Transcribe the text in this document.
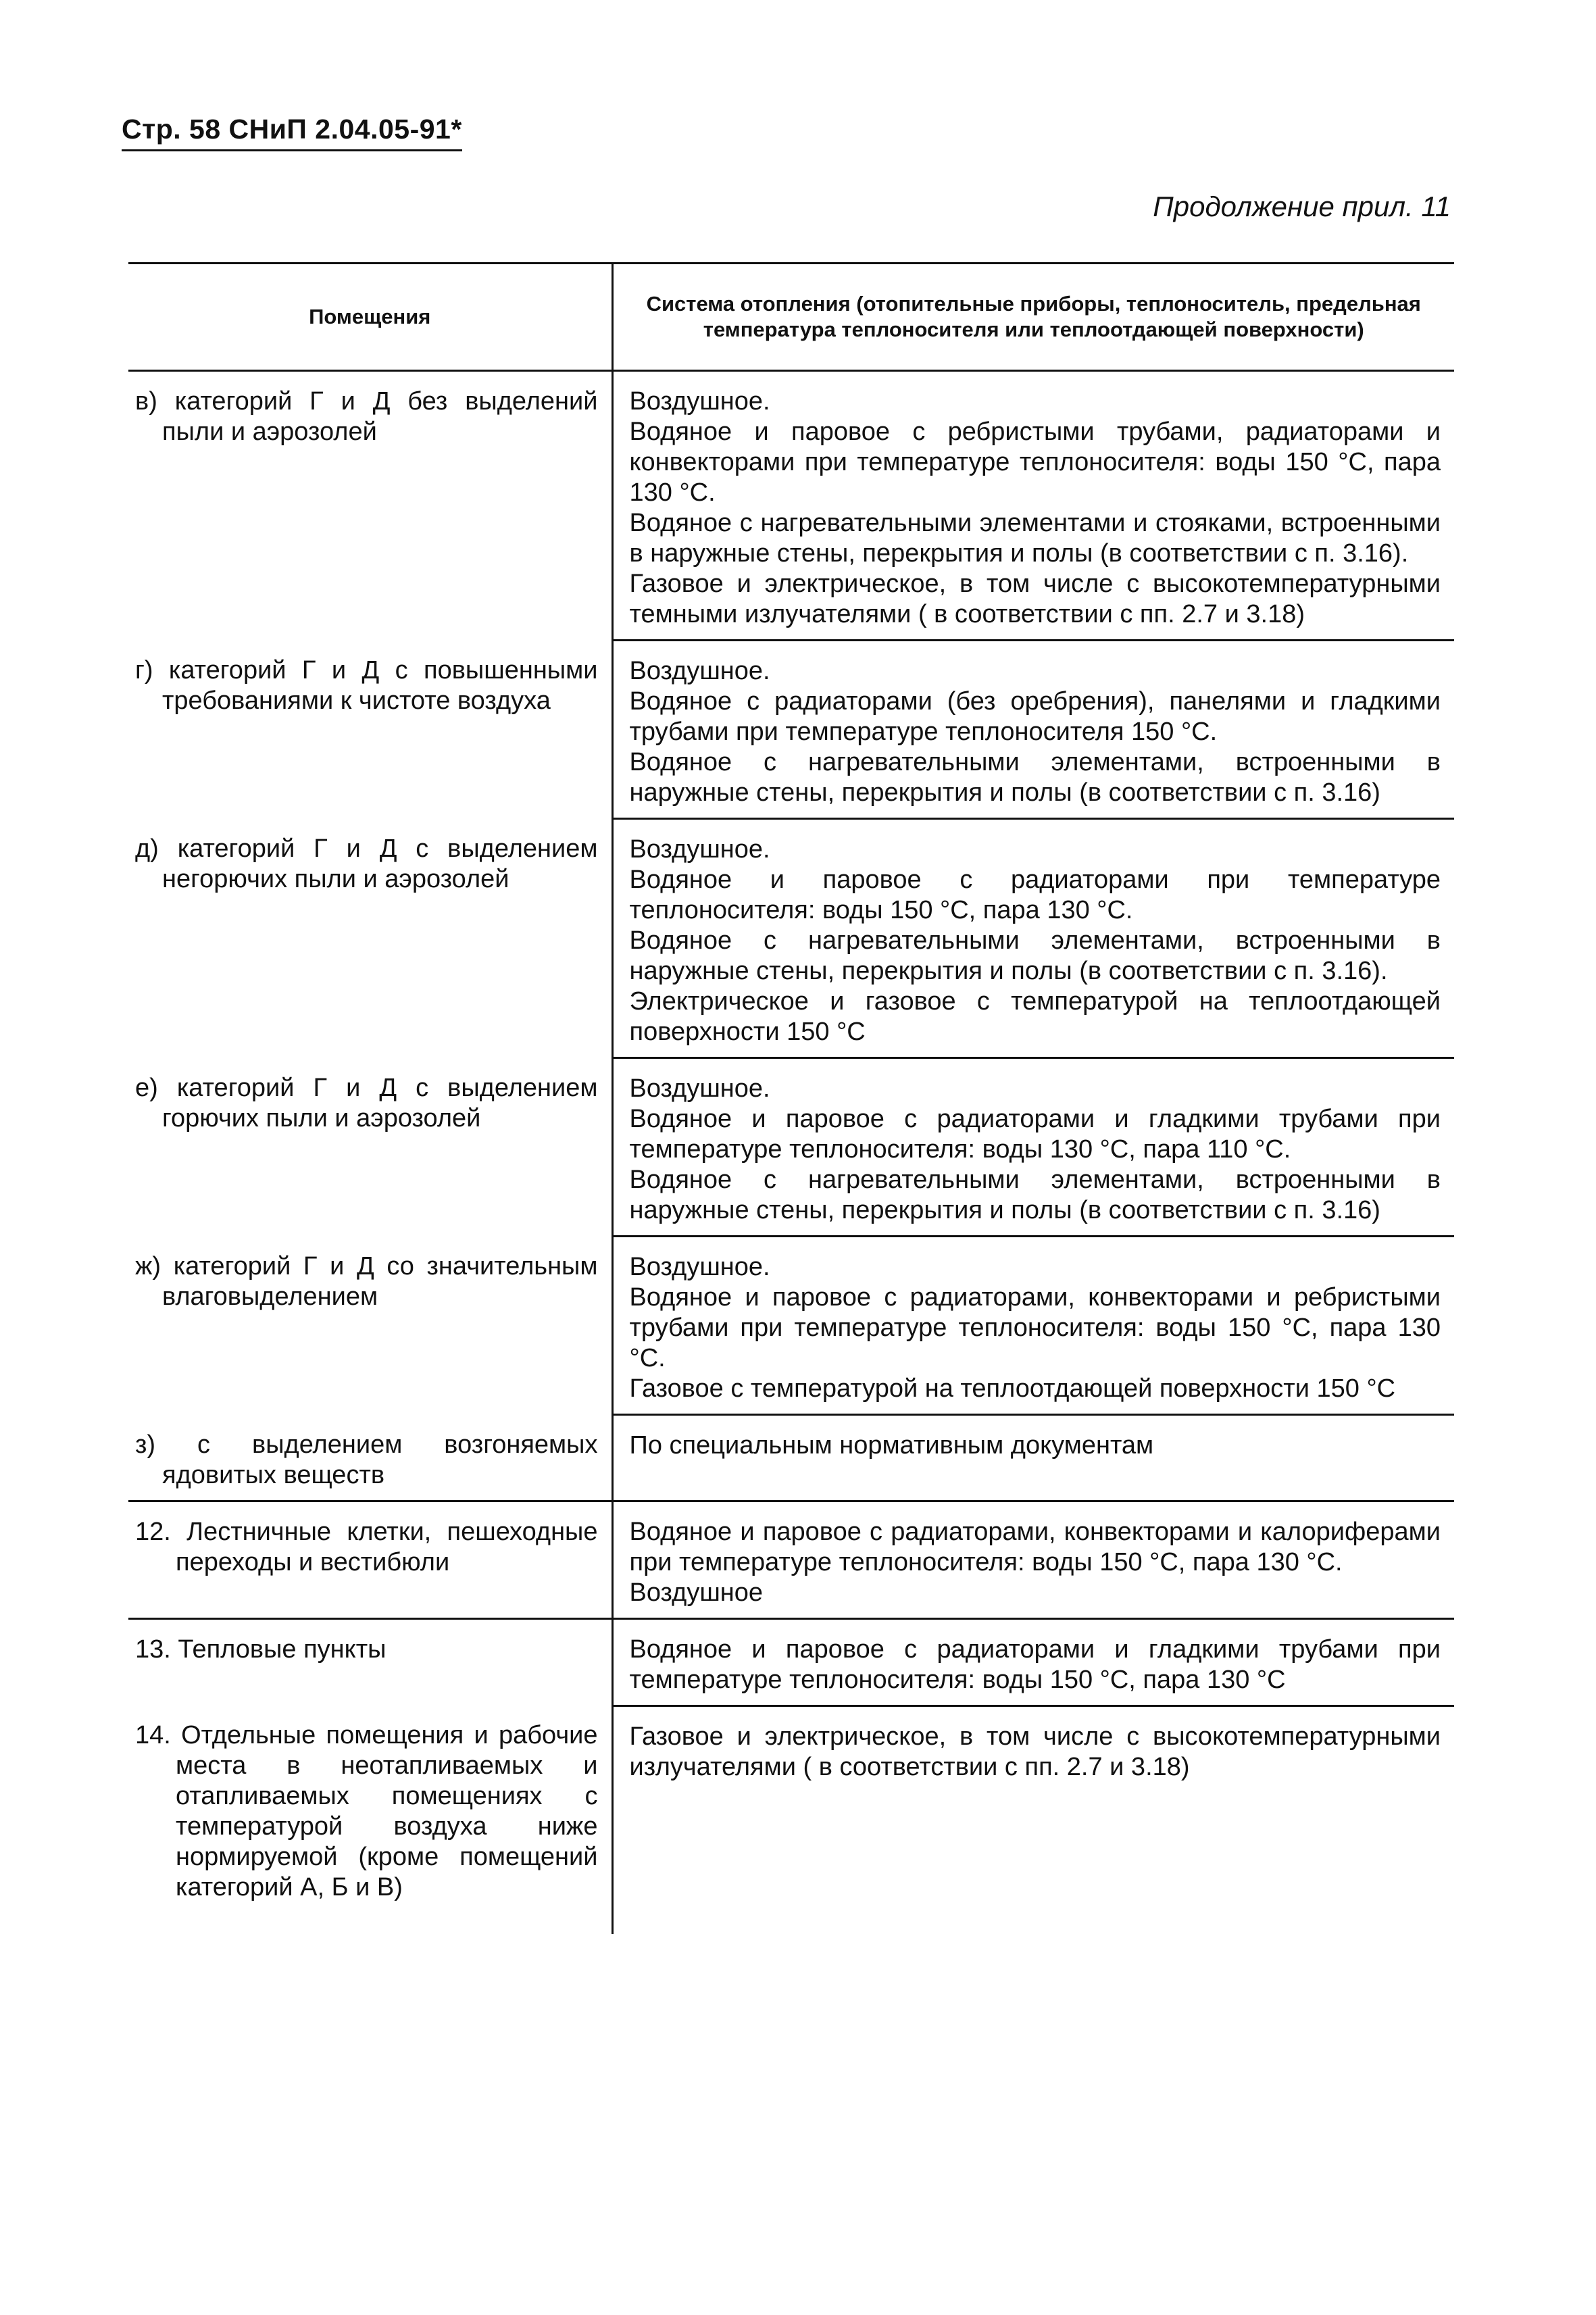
Стр. 58 СНиП 2.04.05-91*
Продолжение прил. 11
Помещения	Система отопления (отопительные приборы, теплоноситель, предельная температура теплоносителя или теплоотдающей поверхности)
в) категорий Г и Д без выделений пыли и аэрозолей	Воздушное.
Водяное и паровое с ребристыми трубами, радиаторами и конвекторами при температуре теплоносителя: воды 150 °С, пара 130 °С.
Водяное с нагревательными элементами и стояками, встроенными в наружные стены, перекрытия и полы (в соответствии с п. 3.16).
Газовое и электрическое, в том числе с высокотемпературными темными излучателями ( в соответствии с пп. 2.7 и 3.18)

г) категорий Г и Д с повышенными требованиями к чистоте воздуха	Воздушное.
Водяное с радиаторами (без оребрения), панелями и гладкими трубами при температуре теплоносителя 150 °С.
Водяное с нагревательными элементами, встроенными в наружные стены, перекрытия и полы (в соответствии с п. 3.16)

д) категорий Г и Д с выделением негорючих пыли и аэрозолей	Воздушное.
Водяное и паровое с радиаторами при температуре теплоносителя: воды 150 °С, пара 130 °С.
Водяное с нагревательными элементами, встроенными в наружные стены, перекрытия и полы (в соответствии с п. 3.16).
Электрическое и газовое с температурой на теплоотдающей поверхности 150 °С

е) категорий Г и Д с выделением горючих пыли и аэрозолей	Воздушное.
Водяное и паровое с радиаторами и гладкими трубами при температуре теплоносителя: воды 130 °С, пара 110 °С.
Водяное с нагревательными элементами, встроенными в наружные стены, перекрытия и полы (в соответствии с п. 3.16)

ж) категорий Г и Д со значительным влаговыделением	Воздушное.
Водяное и паровое с радиаторами, конвекторами и ребристыми трубами при температуре теплоносителя: воды 150 °С, пара 130 °С.
Газовое с температурой на теплоотдающей поверхности 150 °С

з) с выделением возгоняемых ядовитых веществ	По специальным нормативным документам

12. Лестничные клетки, пешеходные переходы и вестибюли	Водяное и паровое с радиаторами, конвекторами и калориферами при температуре теплоносителя: воды 150 °С, пара 130 °С.
Воздушное

13. Тепловые пункты	Водяное и паровое с радиаторами и гладкими трубами при температуре теплоносителя: воды 150 °С, пара 130 °С

14. Отдельные помещения и рабочие места в неотапливаемых и отапливаемых помещениях с температурой воздуха ниже нормируемой (кроме помещений категорий А, Б и В)	Газовое и электрическое, в том числе с высокотемпературными излучателями ( в соответствии с пп. 2.7 и 3.18)
